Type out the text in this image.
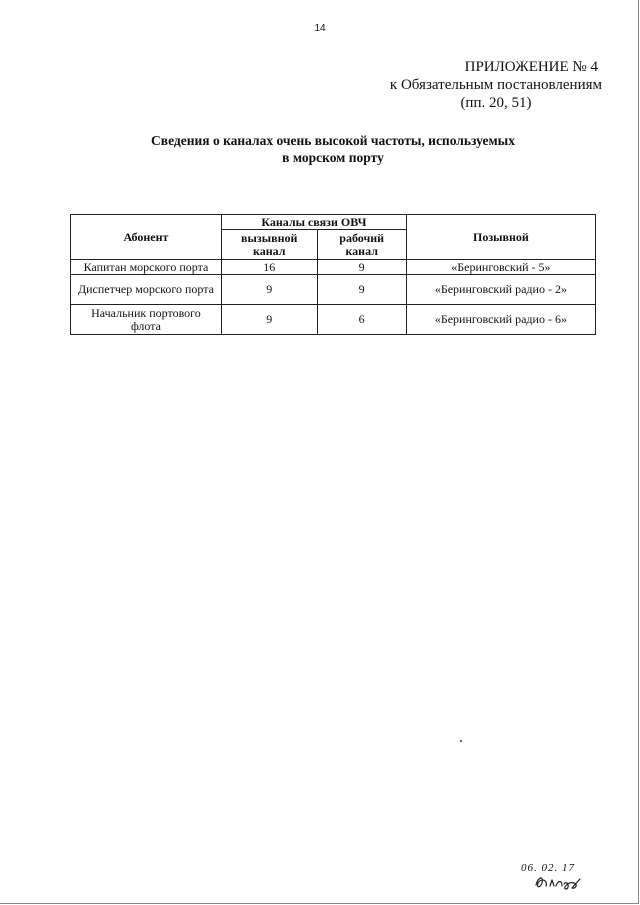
14
ПРИЛОЖЕНИЕ № 4
к Обязательным постановлениям
(пп. 20, 51)
Сведения о каналах очень высокой частоты, используемых
в морском порту
Абонент	Каналы связи ОВЧ		Позывной
	вызывной канал	рабочий канал	
Капитан морского порта	16	9	«Беринговский - 5»
Диспетчер морского порта	9	9	«Беринговский радио - 2»
Начальник портового флота	9	6	«Беринговский радио - 6»
06. 02. 17
